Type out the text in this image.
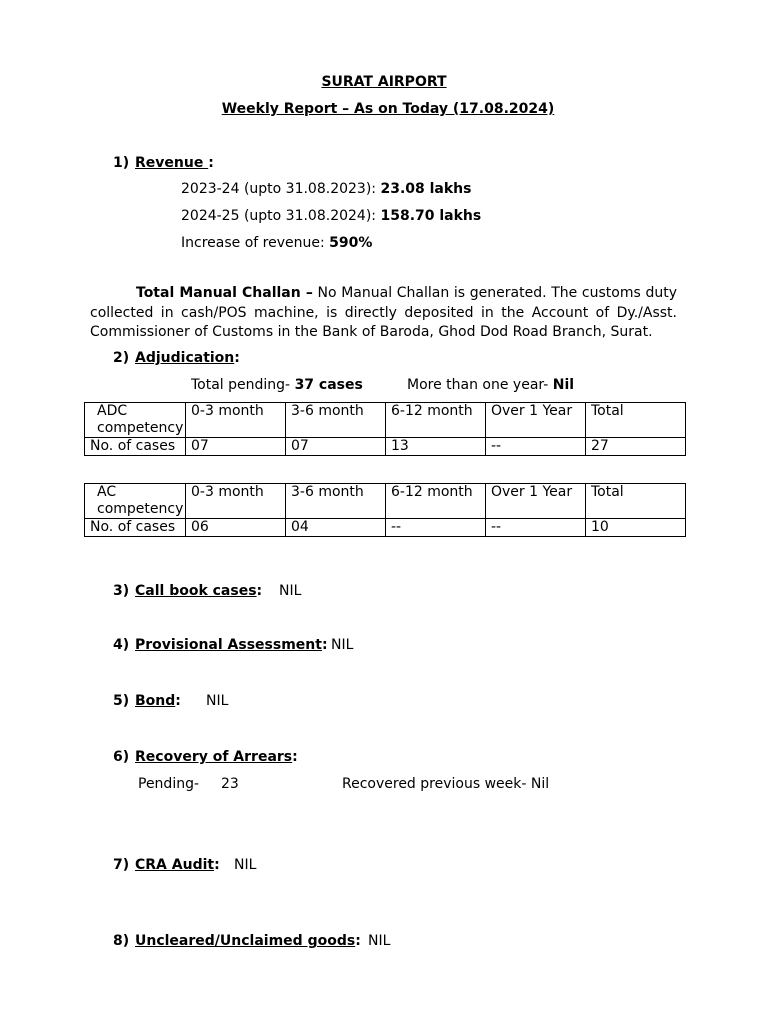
SURAT AIRPORT
Weekly Report – As on Today (17.08.2024)
1) Revenue :
2023-24 (upto 31.08.2023): 23.08 lakhs
2024-25 (upto 31.08.2024): 158.70 lakhs
Increase of revenue: 590%
Total Manual Challan – No Manual Challan is generated. The customs duty collected in cash/POS machine, is directly deposited in the Account of Dy./Asst. Commissioner of Customs in the Bank of Baroda, Ghod Dod Road Branch, Surat.
2) Adjudication:
Total pending- 37 cases	More than one year- Nil
ADC competency	0-3 month	3-6 month	6-12 month	Over 1 Year	Total
No. of cases	07	07	13	--	27
AC competency	0-3 month	3-6 month	6-12 month	Over 1 Year	Total
No. of cases	06	04	--	--	10
3) Call book cases: NIL
4) Provisional Assessment: NIL
5) Bond: NIL
6) Recovery of Arrears:
Pending- 23	Recovered previous week- Nil
7) CRA Audit: NIL
8) Uncleared/Unclaimed goods: NIL
